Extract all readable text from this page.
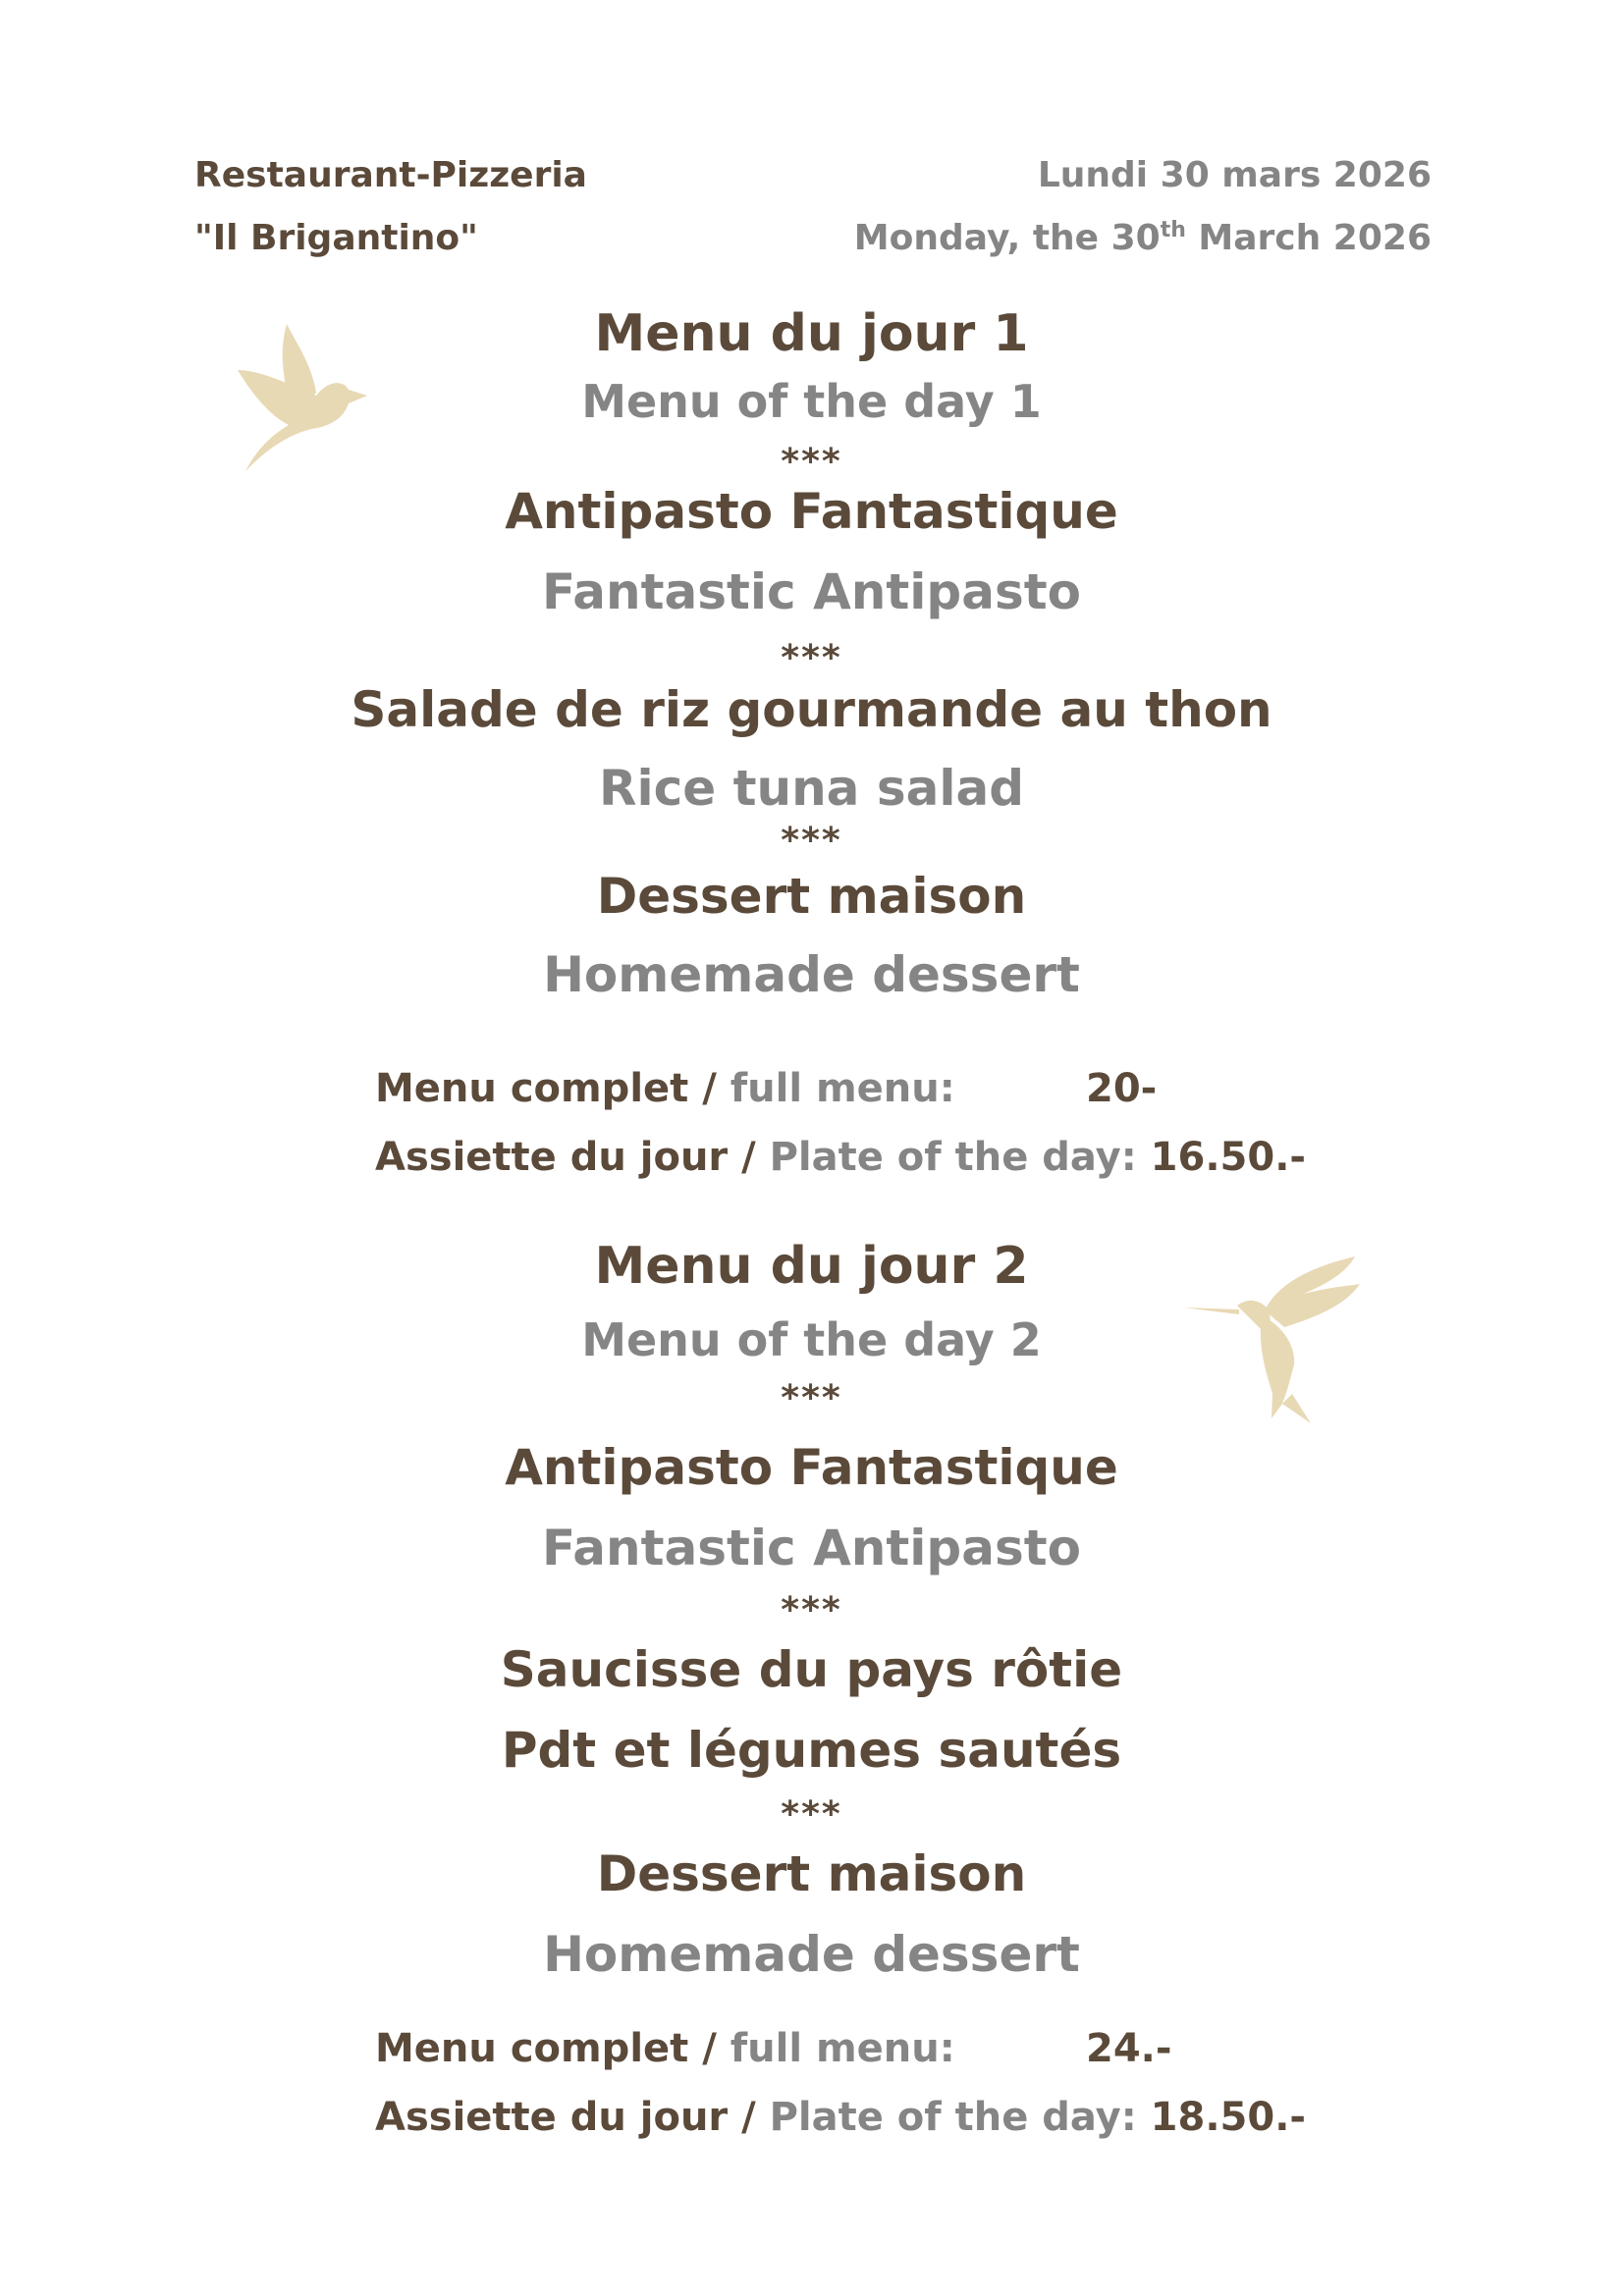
Restaurant-Pizzeria
"Il Brigantino"
Lundi 30 mars 2026
Monday, the 30th March 2026
Menu du jour 1
Menu of the day 1
***
Antipasto Fantastique
Fantastic Antipasto
***
Salade de riz gourmande au thon
Rice tuna salad
***
Dessert maison
Homemade dessert
Menu complet / full menu:	20-
Assiette du jour / Plate of the day: 16.50.-
Menu du jour 2
Menu of the day 2
***
Antipasto Fantastique
Fantastic Antipasto
***
Saucisse du pays rôtie
Pdt et légumes sautés
***
Dessert maison
Homemade dessert
Menu complet / full menu:	24.-
Assiette du jour / Plate of the day: 18.50.-
